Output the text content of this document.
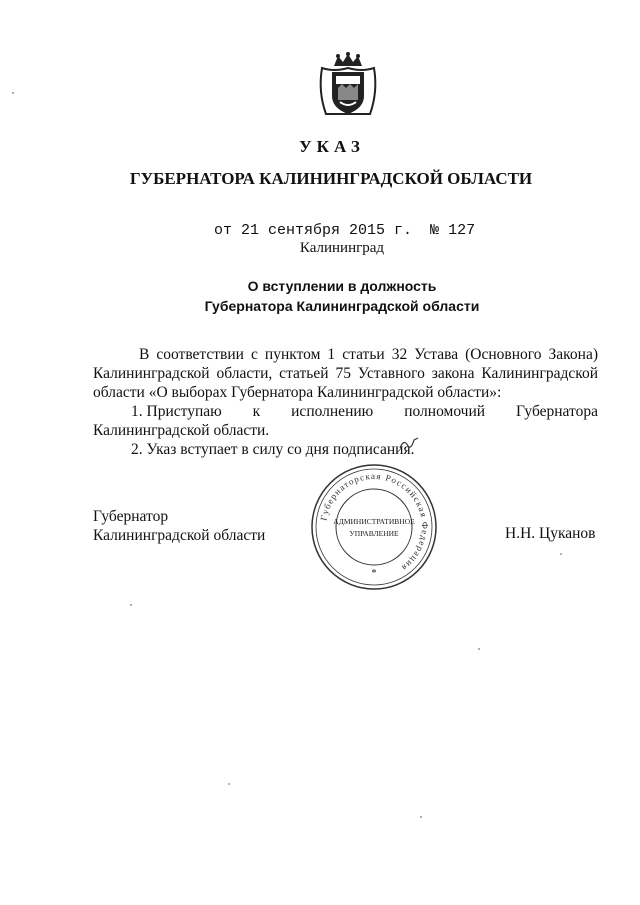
УКАЗ
ГУБЕРНАТОРА КАЛИНИНГРАДСКОЙ ОБЛАСТИ
от 21 сентября 2015 г. № 127
Калининград
О вступлении в должность
Губернатора Калининградской области

В соответствии с пунктом 1 статьи 32 Устава (Основного Закона) Калининградской области, статьей 75 Уставного закона Калининградской области «О выборах Губернатора Калининградской области»:

1. Приступаю к исполнению полномочий Губернатора

Калининградской области.

2. Указ вступает в силу со дня подписания.

Губернатор
Калининградской области	Н.Н. Цуканов
Губернаторская Российская Федерация
АДМИНИСТРАТИВНОЕ
УПРАВЛЕНИЕ
*
